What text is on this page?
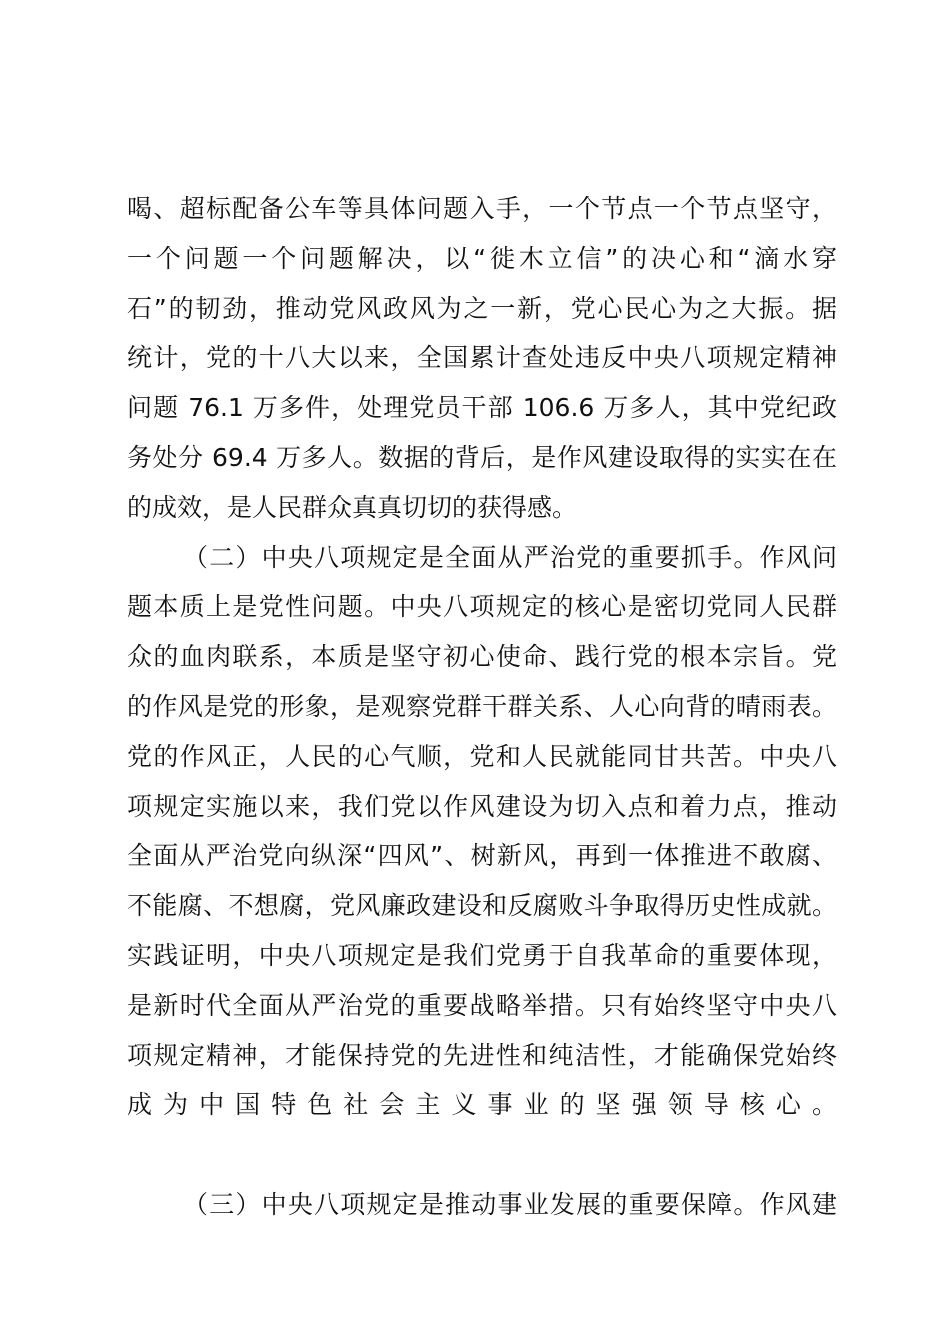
喝、超标配备公车等具体问题入手，一个节点一个节点坚守，
一个问题一个问题解决，以“徙木立信”的决心和“滴水穿
石”的韧劲，推动党风政风为之一新，党心民心为之大振。据
统计，党的十八大以来，全国累计查处违反中央八项规定精神
问题 76.1 万多件，处理党员干部 106.6 万多人，其中党纪政
务处分 69.4 万多人。数据的背后，是作风建设取得的实实在在
的成效，是人民群众真真切切的获得感。
（二）中央八项规定是全面从严治党的重要抓手。作风问
题本质上是党性问题。中央八项规定的核心是密切党同人民群
众的血肉联系，本质是坚守初心使命、践行党的根本宗旨。党
的作风是党的形象，是观察党群干群关系、人心向背的晴雨表。
党的作风正，人民的心气顺，党和人民就能同甘共苦。中央八
项规定实施以来，我们党以作风建设为切入点和着力点，推动
全面从严治党向纵深“四风”、树新风，再到一体推进不敢腐、
不能腐、不想腐，党风廉政建设和反腐败斗争取得历史性成就。
实践证明，中央八项规定是我们党勇于自我革命的重要体现，
是新时代全面从严治党的重要战略举措。只有始终坚守中央八
项规定精神，才能保持党的先进性和纯洁性，才能确保党始终
成为中国特色社会主义事业的坚强领导核心。
（三）中央八项规定是推动事业发展的重要保障。作风建
